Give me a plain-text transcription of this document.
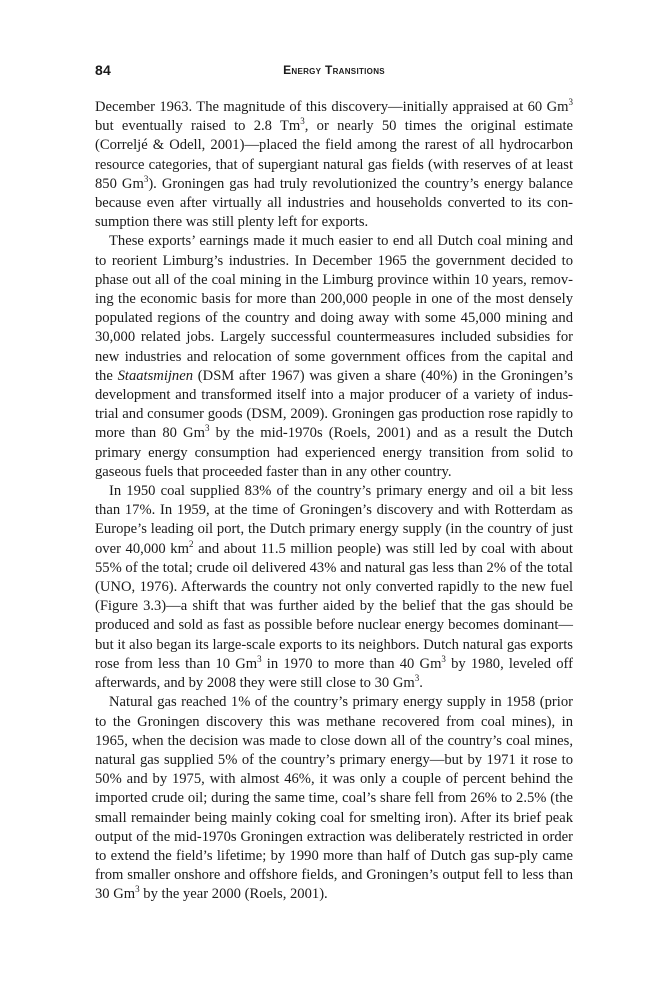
84	Energy Transitions

December 1963. The magnitude of this discovery—initially appraised at 60 Gm$^3$ but eventually raised to 2.8 Tm$^3$, or nearly 50 times the original estimate (Correljé & Odell, 2001)—placed the field among the rarest of all hydrocarbon resource categories, that of supergiant natural gas fields (with reserves of at least 850 Gm$^3$). Groningen gas had truly revolutionized the country’s energy balance because even after virtually all industries and households converted to its con-sumption there was still plenty left for exports.

These exports’ earnings made it much easier to end all Dutch coal mining and to reorient Limburg’s industries. In December 1965 the government decided to phase out all of the coal mining in the Limburg province within 10 years, remov-ing the economic basis for more than 200,000 people in one of the most densely populated regions of the country and doing away with some 45,000 mining and 30,000 related jobs. Largely successful countermeasures included subsidies for new industries and relocation of some government offices from the capital and the Staatsmijnen (DSM after 1967) was given a share (40%) in the Groningen’s development and transformed itself into a major producer of a variety of indus-trial and consumer goods (DSM, 2009). Groningen gas production rose rapidly to more than 80 Gm$^3$ by the mid-1970s (Roels, 2001) and as a result the Dutch primary energy consumption had experienced energy transition from solid to gaseous fuels that proceeded faster than in any other country.

In 1950 coal supplied 83% of the country’s primary energy and oil a bit less than 17%. In 1959, at the time of Groningen’s discovery and with Rotterdam as Europe’s leading oil port, the Dutch primary energy supply (in the country of just over 40,000 $km^2$ and about 11.5 million people) was still led by coal with about 55% of the total; crude oil delivered 43% and natural gas less than 2% of the total (UNO, 1976). Afterwards the country not only converted rapidly to the new fuel (Figure 3.3)—a shift that was further aided by the belief that the gas should be produced and sold as fast as possible before nuclear energy becomes dominant—but it also began its large-scale exports to its neighbors. Dutch natural gas exports rose from less than 10 Gm$^3$ in 1970 to more than 40 Gm$^3$ by 1980, leveled off afterwards, and by 2008 they were still close to 30 Gm$^3$.

Natural gas reached 1% of the country’s primary energy supply in 1958 (prior to the Groningen discovery this was methane recovered from coal mines), in 1965, when the decision was made to close down all of the country’s coal mines, natural gas supplied 5% of the country’s primary energy—but by 1971 it rose to 50% and by 1975, with almost 46%, it was only a couple of percent behind the imported crude oil; during the same time, coal’s share fell from 26% to 2.5% (the small remainder being mainly coking coal for smelting iron). After its brief peak output of the mid-1970s Groningen extraction was deliberately restricted in order to extend the field’s lifetime; by 1990 more than half of Dutch gas sup-ply came from smaller onshore and offshore fields, and Groningen’s output fell to less than 30 Gm$^3$ by the year 2000 (Roels, 2001).
